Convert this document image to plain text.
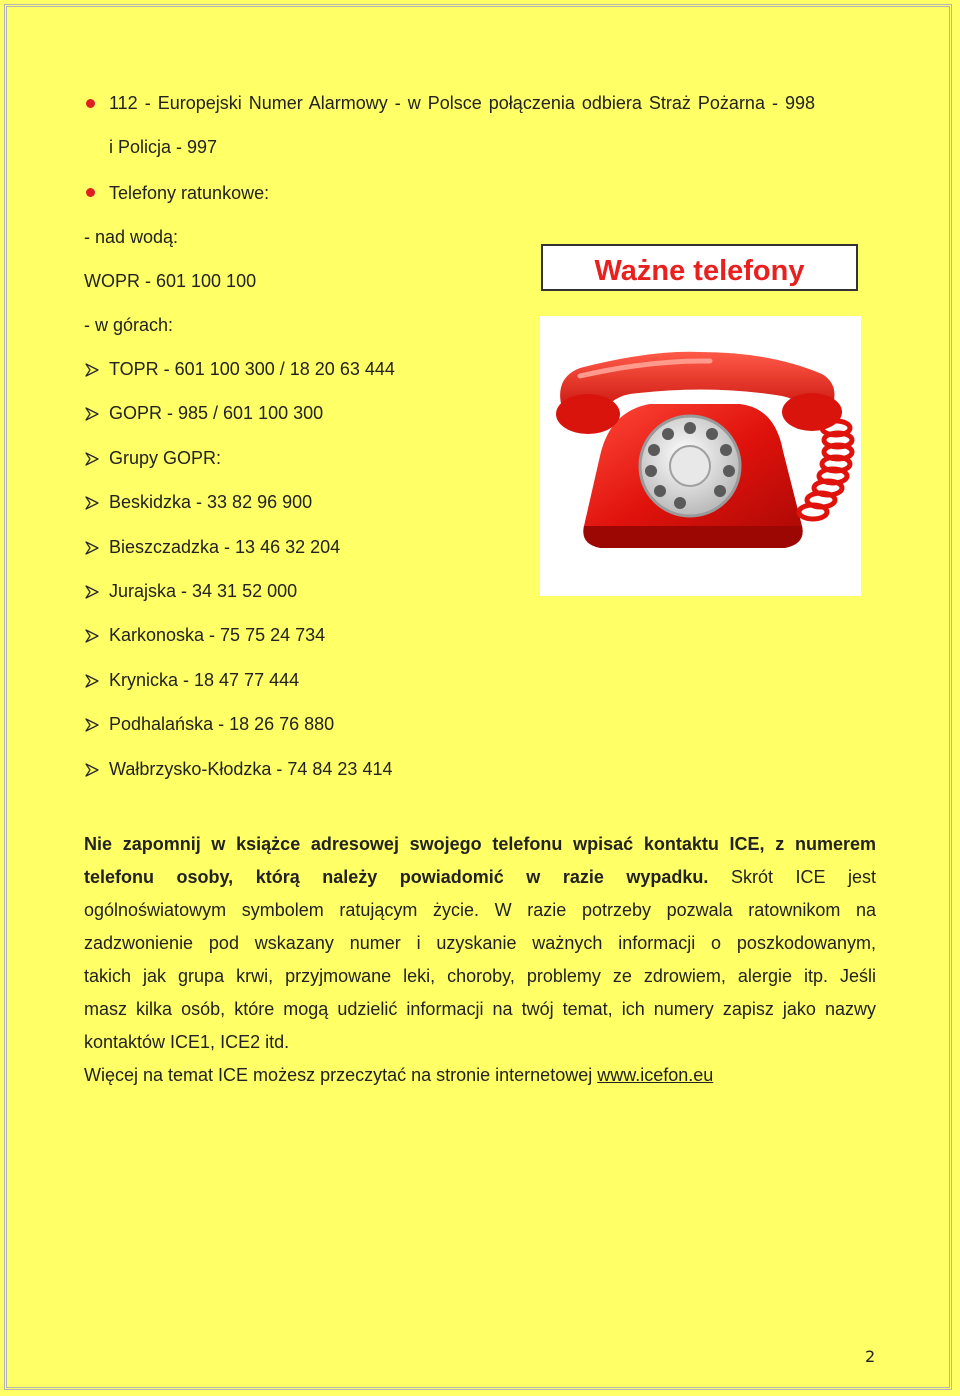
112 - Europejski Numer Alarmowy - w Polsce połączenia odbiera Straż Pożarna - 998
i Policja - 997
Telefony ratunkowe:
- nad wodą:
WOPR - 601 100 100
- w górach:
TOPR - 601 100 300 / 18 20 63 444
GOPR - 985 / 601 100 300
Grupy GOPR:
Beskidzka - 33 82 96 900
Bieszczadzka - 13 46 32 204
Jurajska - 34 31 52 000
Karkonoska - 75 75 24 734
Krynicka - 18 47 77 444
Podhalańska - 18 26 76 880
Wałbrzysko-Kłodzka - 74 84 23 414
Ważne telefony
Nie zapomnij w książce adresowej swojego telefonu wpisać kontaktu ICE, z numerem
telefonu osoby, którą należy powiadomić w razie wypadku. Skrót ICE jest
ogólnoświatowym symbolem ratującym życie. W razie potrzeby pozwala ratownikom na
zadzwonienie pod wskazany numer i uzyskanie ważnych informacji o poszkodowanym,
takich jak grupa krwi, przyjmowane leki, choroby, problemy ze zdrowiem, alergie itp. Jeśli
masz kilka osób, które mogą udzielić informacji na twój temat, ich numery zapisz jako nazwy
kontaktów ICE1, ICE2 itd.
Więcej na temat ICE możesz przeczytać na stronie internetowej www.icefon.eu
2
